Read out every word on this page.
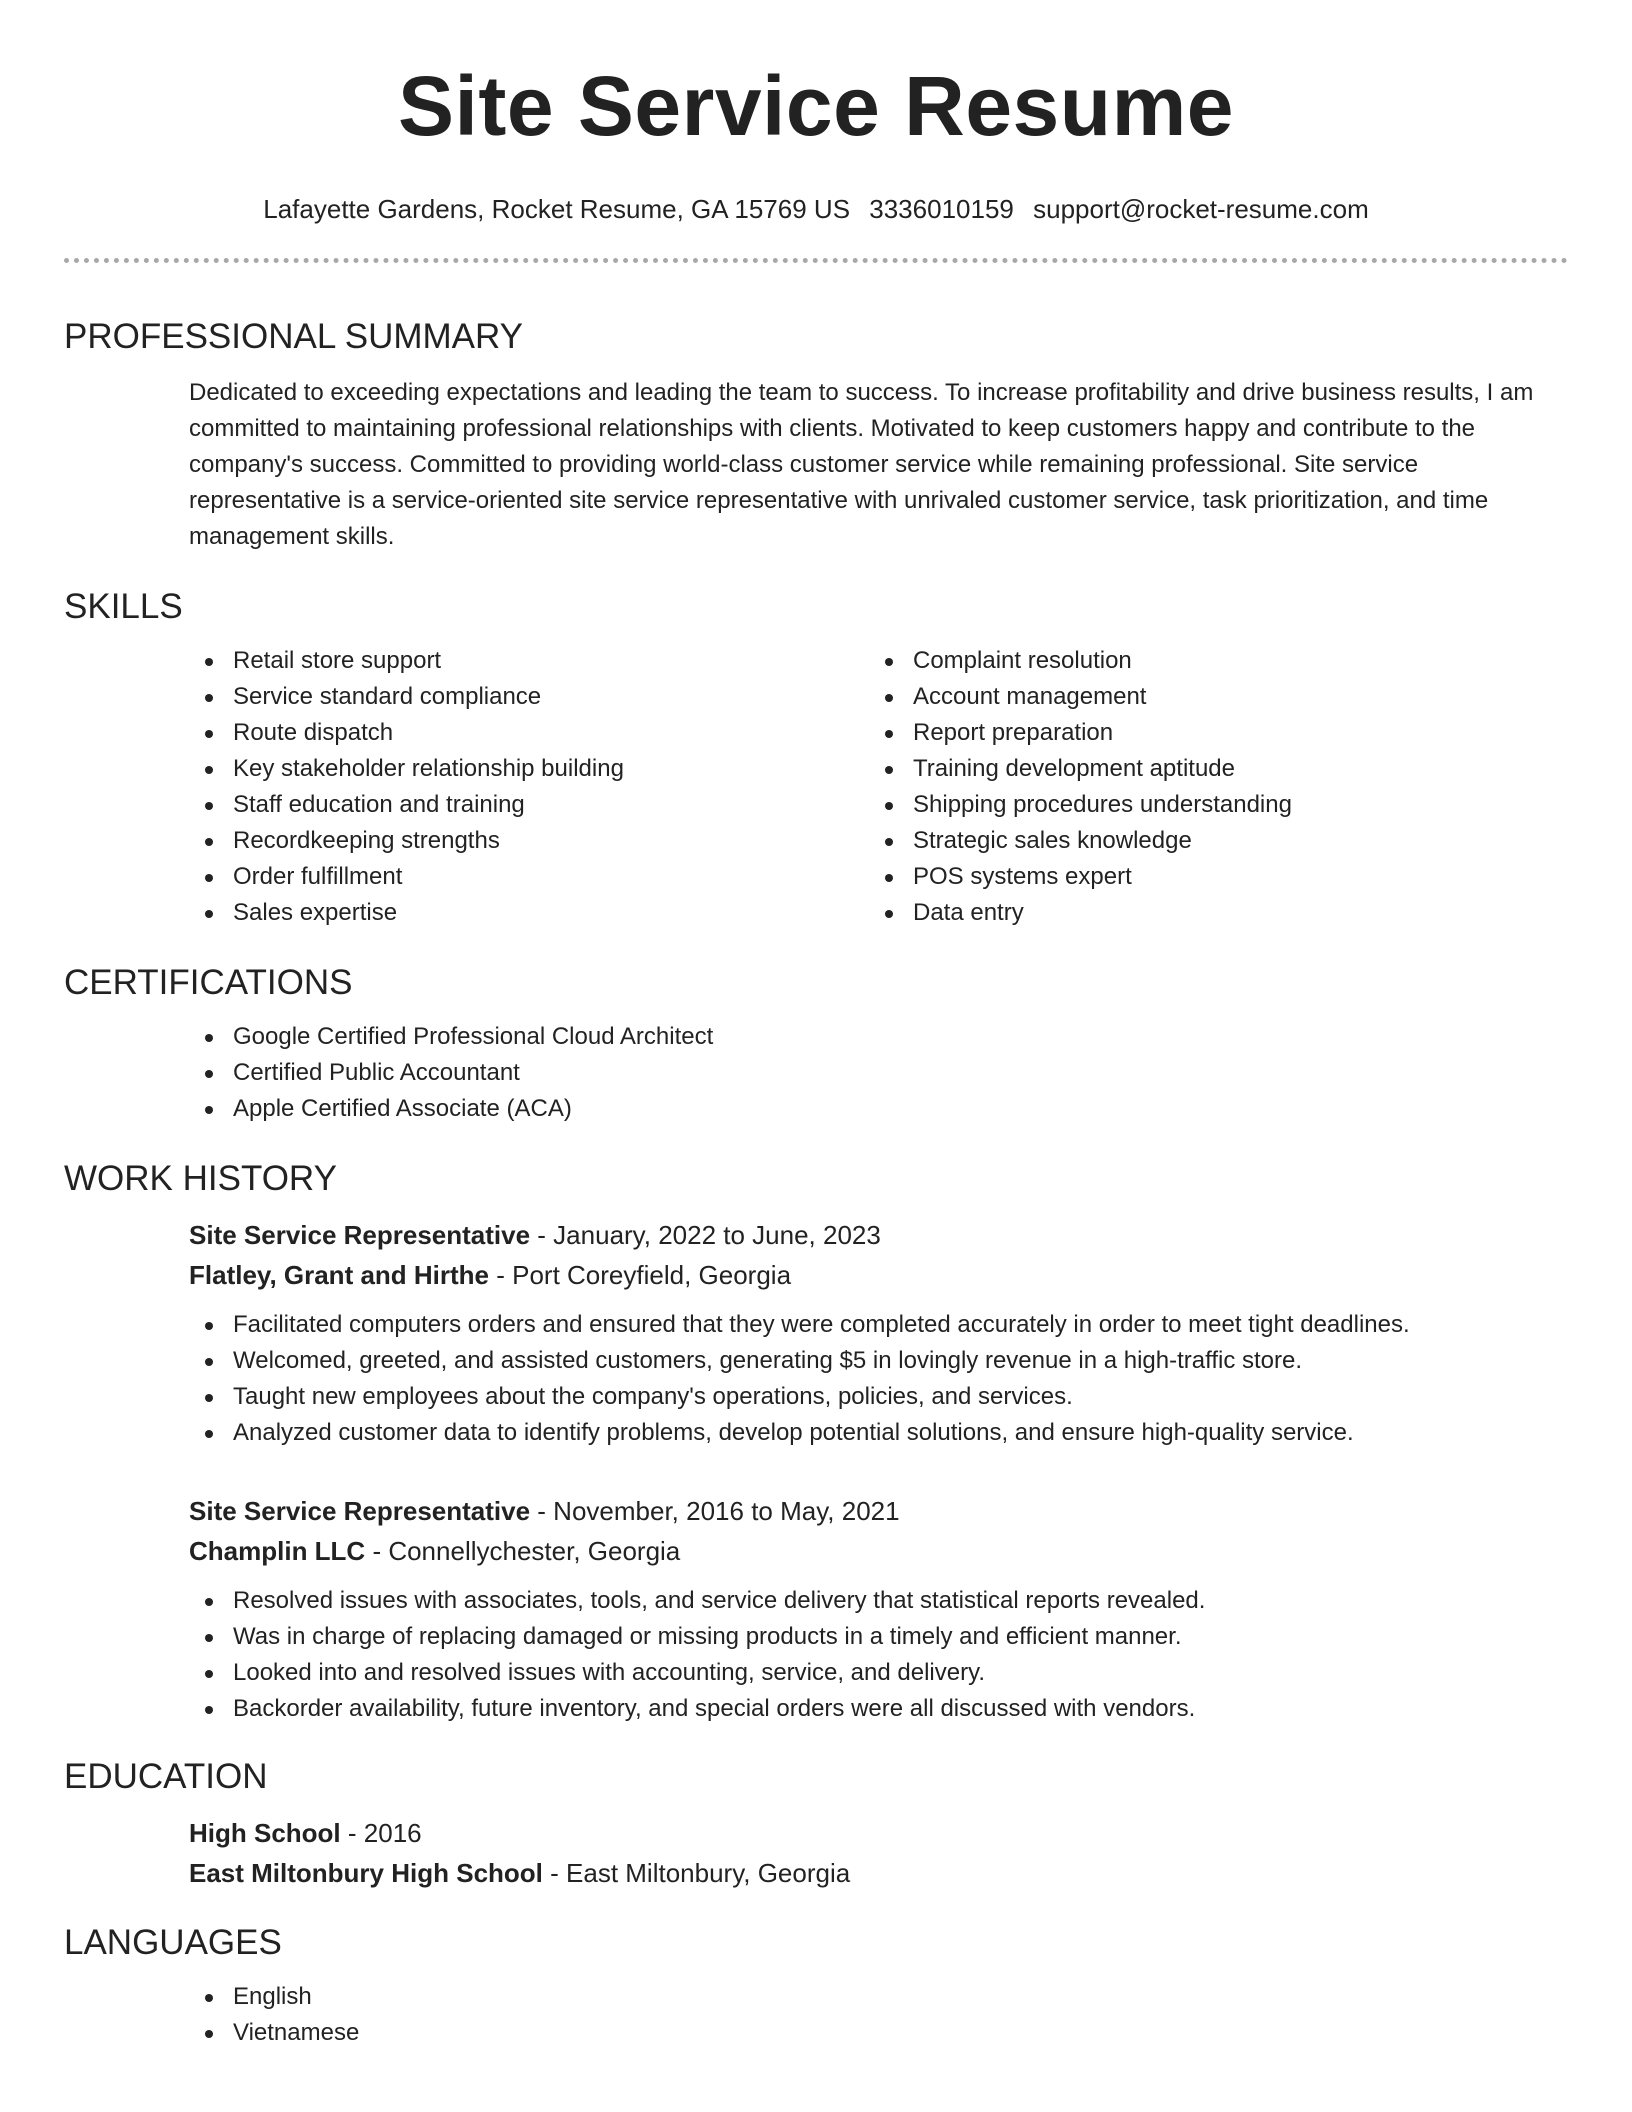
Site Service Resume
Lafayette Gardens, Rocket Resume, GA 15769 US 3336010159 support@rocket-resume.com
PROFESSIONAL SUMMARY

Dedicated to exceeding expectations and leading the team to success. To increase profitability and drive business results, I am committed to maintaining professional relationships with clients. Motivated to keep customers happy and contribute to the company's success. Committed to providing world-class customer service while remaining professional. Site service representative is a service-oriented site service representative with unrivaled customer service, task prioritization, and time management skills.

SKILLS
Retail store support
Service standard compliance
Route dispatch
Key stakeholder relationship building
Staff education and training
Recordkeeping strengths
Order fulfillment
Sales expertise
Complaint resolution
Account management
Report preparation
Training development aptitude
Shipping procedures understanding
Strategic sales knowledge
POS systems expert
Data entry
CERTIFICATIONS
Google Certified Professional Cloud Architect
Certified Public Accountant
Apple Certified Associate (ACA)
WORK HISTORY
Site Service Representative - January, 2022 to June, 2023
Flatley, Grant and Hirthe - Port Coreyfield, Georgia
Facilitated computers orders and ensured that they were completed accurately in order to meet tight deadlines.
Welcomed, greeted, and assisted customers, generating $5 in lovingly revenue in a high-traffic store.
Taught new employees about the company's operations, policies, and services.
Analyzed customer data to identify problems, develop potential solutions, and ensure high-quality service.
Site Service Representative - November, 2016 to May, 2021
Champlin LLC - Connellychester, Georgia
Resolved issues with associates, tools, and service delivery that statistical reports revealed.
Was in charge of replacing damaged or missing products in a timely and efficient manner.
Looked into and resolved issues with accounting, service, and delivery.
Backorder availability, future inventory, and special orders were all discussed with vendors.
EDUCATION
High School - 2016
East Miltonbury High School - East Miltonbury, Georgia
LANGUAGES
English
Vietnamese
